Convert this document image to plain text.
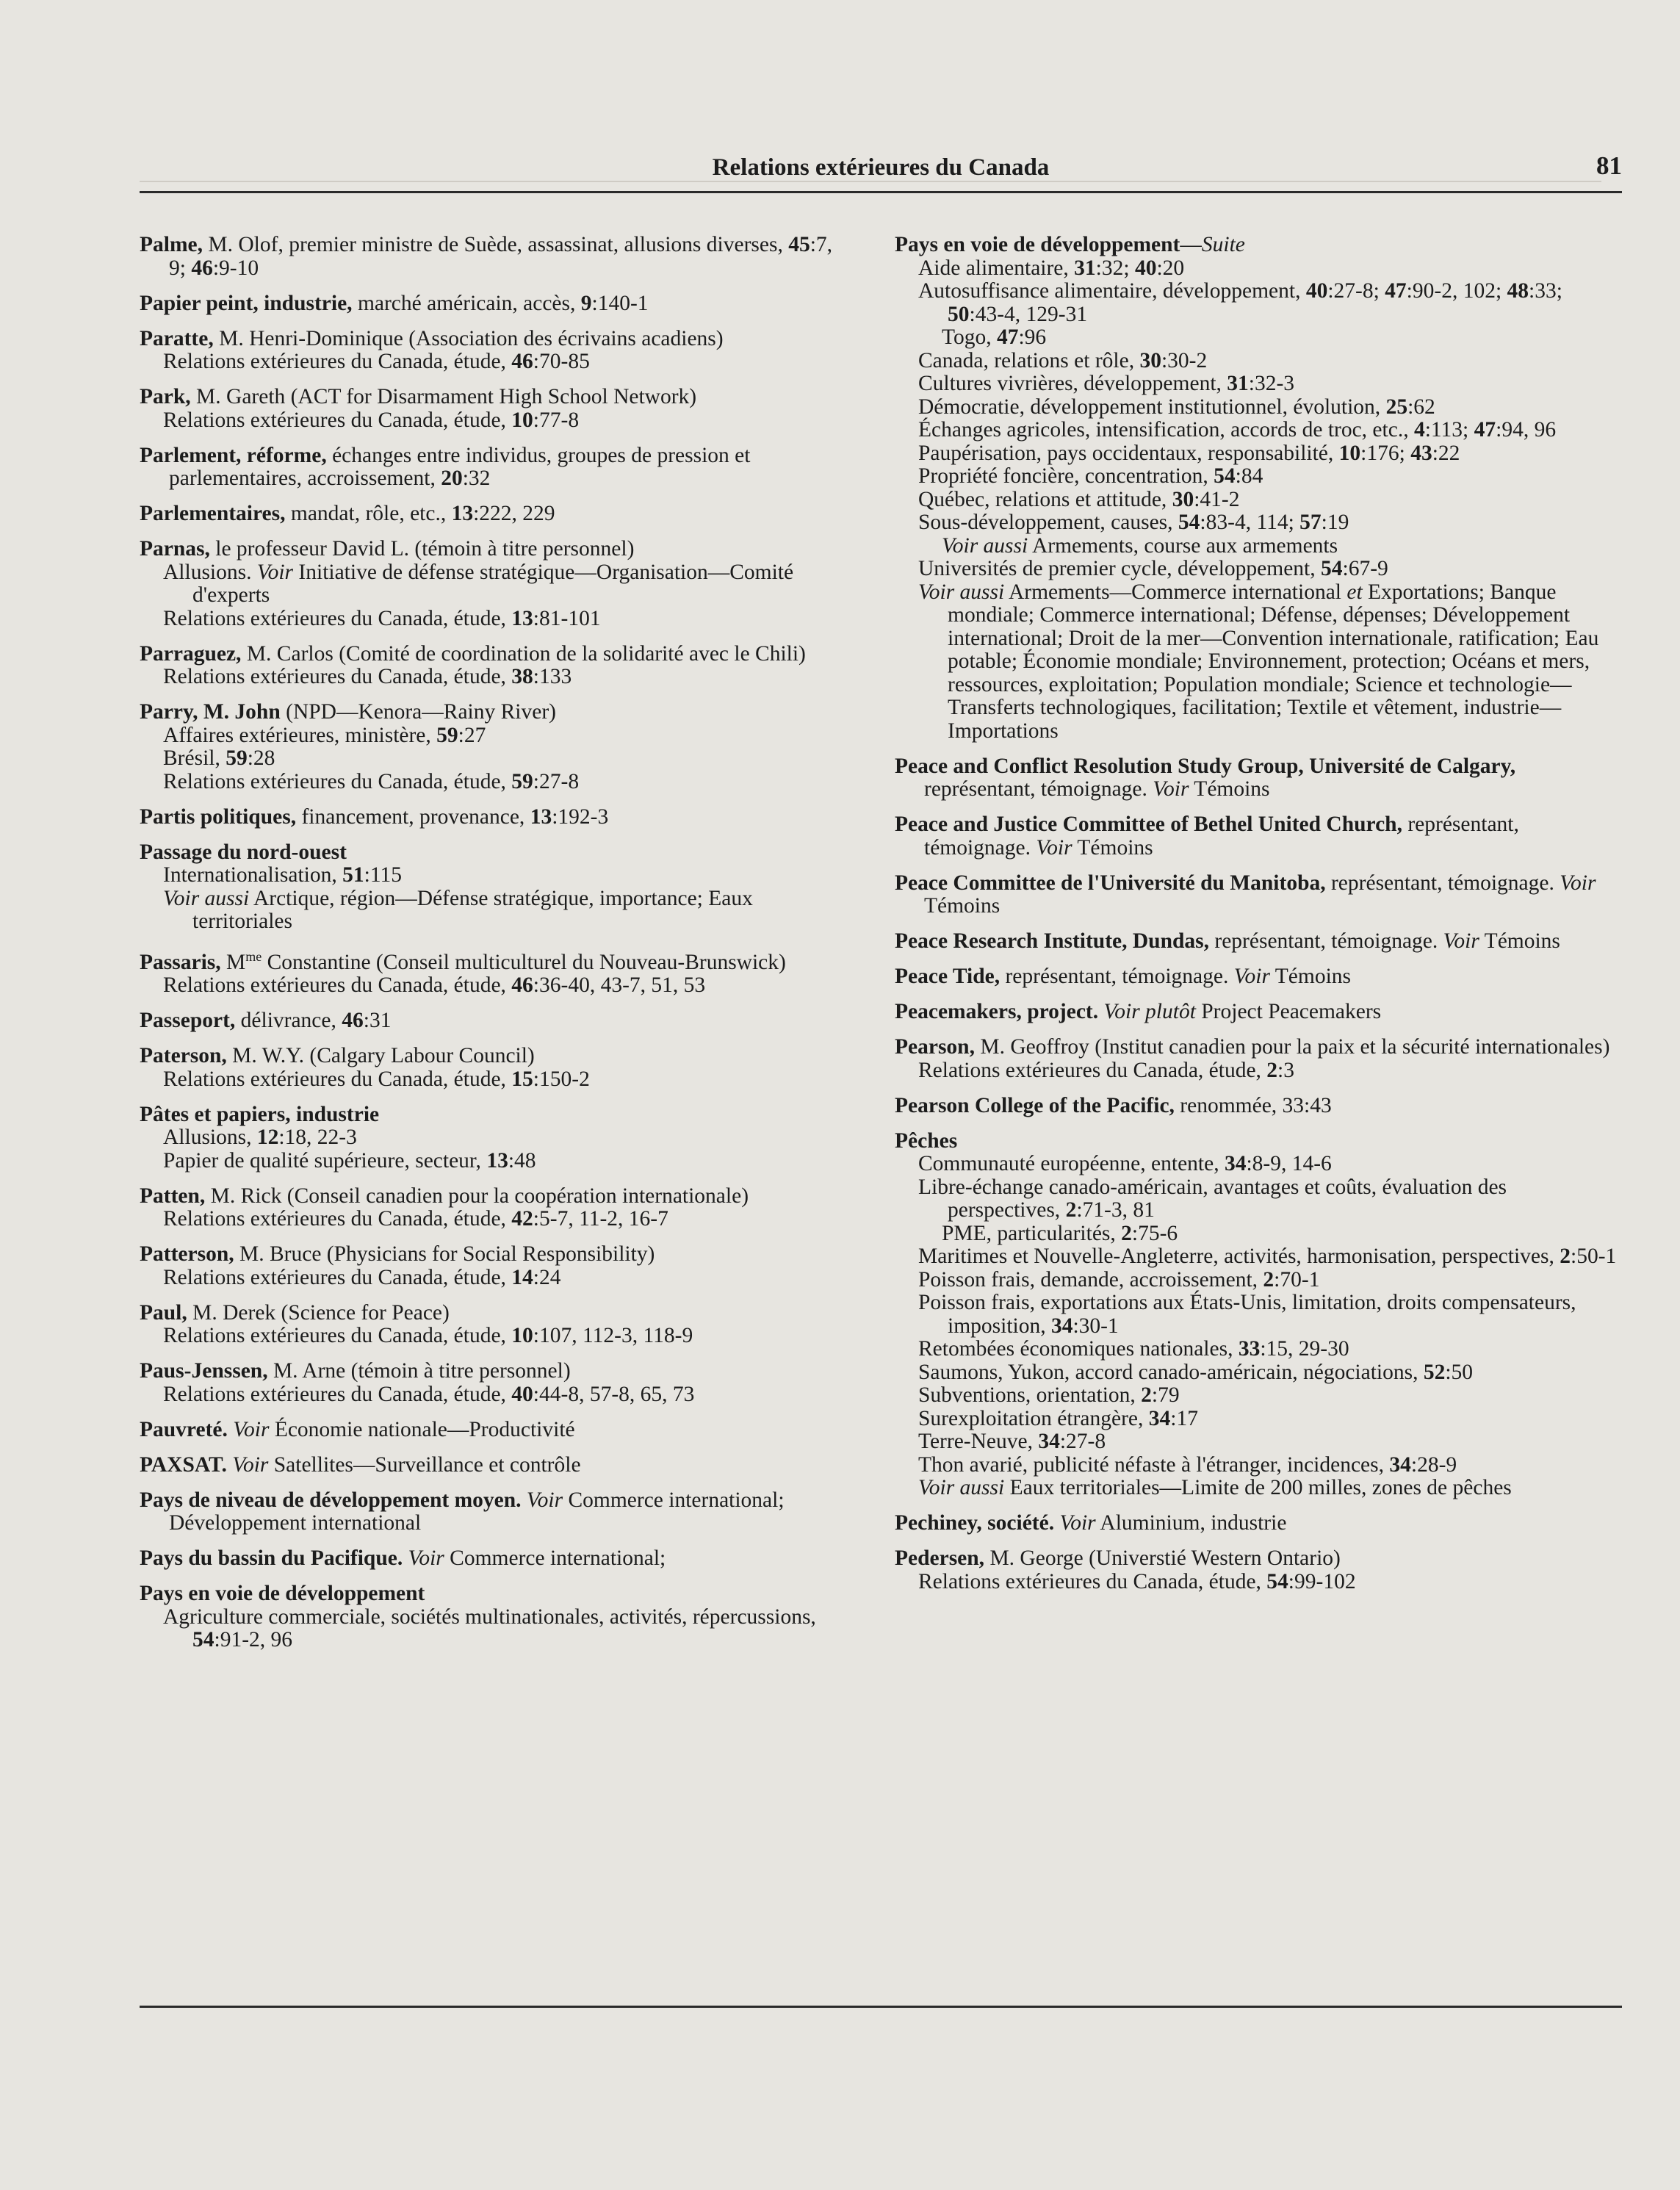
Relations extérieures du Canada	81
Palme, M. Olof, premier ministre de Suède, assassinat, allusions diverses, 45:7, 9; 46:9-10
Papier peint, industrie, marché américain, accès, 9:140-1
Paratte, M. Henri-Dominique (Association des écrivains acadiens)
Relations extérieures du Canada, étude, 46:70-85
Park, M. Gareth (ACT for Disarmament High School Network)
Relations extérieures du Canada, étude, 10:77-8
Parlement, réforme, échanges entre individus, groupes de pression et parlementaires, accroissement, 20:32
Parlementaires, mandat, rôle, etc., 13:222, 229
Parnas, le professeur David L. (témoin à titre personnel)
Allusions. Voir Initiative de défense stratégique—Organisation—Comité d'experts
Relations extérieures du Canada, étude, 13:81-101
Parraguez, M. Carlos (Comité de coordination de la solidarité avec le Chili)
Relations extérieures du Canada, étude, 38:133
Parry, M. John (NPD—Kenora—Rainy River)
Affaires extérieures, ministère, 59:27
Brésil, 59:28
Relations extérieures du Canada, étude, 59:27-8
Partis politiques, financement, provenance, 13:192-3
Passage du nord-ouest
Internationalisation, 51:115
Voir aussi Arctique, région—Défense stratégique, importance; Eaux territoriales
Passaris, $M^{me}$ Constantine (Conseil multiculturel du Nouveau-Brunswick)
Relations extérieures du Canada, étude, 46:36-40, 43-7, 51, 53
Passeport, délivrance, 46:31
Paterson, M. W.Y. (Calgary Labour Council)
Relations extérieures du Canada, étude, 15:150-2
Pâtes et papiers, industrie
Allusions, 12:18, 22-3
Papier de qualité supérieure, secteur, 13:48
Patten, M. Rick (Conseil canadien pour la coopération internationale)
Relations extérieures du Canada, étude, 42:5-7, 11-2, 16-7
Patterson, M. Bruce (Physicians for Social Responsibility)
Relations extérieures du Canada, étude, 14:24
Paul, M. Derek (Science for Peace)
Relations extérieures du Canada, étude, 10:107, 112-3, 118-9
Paus-Jenssen, M. Arne (témoin à titre personnel)
Relations extérieures du Canada, étude, 40:44-8, 57-8, 65, 73
Pauvreté. Voir Économie nationale—Productivité
PAXSAT. Voir Satellites—Surveillance et contrôle
Pays de niveau de développement moyen. Voir Commerce international; Développement international
Pays du bassin du Pacifique. Voir Commerce international;
Pays en voie de développement
Agriculture commerciale, sociétés multinationales, activités, répercussions, 54:91-2, 96
Pays en voie de développement—Suite
Aide alimentaire, 31:32; 40:20
Autosuffisance alimentaire, développement, 40:27-8; 47:90-2, 102; 48:33; 50:43-4, 129-31
Togo, 47:96
Canada, relations et rôle, 30:30-2
Cultures vivrières, développement, 31:32-3
Démocratie, développement institutionnel, évolution, 25:62
Échanges agricoles, intensification, accords de troc, etc., 4:113; 47:94, 96
Paupérisation, pays occidentaux, responsabilité, 10:176; 43:22
Propriété foncière, concentration, 54:84
Québec, relations et attitude, 30:41-2
Sous-développement, causes, 54:83-4, 114; 57:19
Voir aussi Armements, course aux armements
Universités de premier cycle, développement, 54:67-9
Voir aussi Armements—Commerce international et Exportations; Banque mondiale; Commerce international; Défense, dépenses; Développement international; Droit de la mer—Convention internationale, ratification; Eau potable; Économie mondiale; Environnement, protection; Océans et mers, ressources, exploitation; Population mondiale; Science et technologie—Transferts technologiques, facilitation; Textile et vêtement, industrie—Importations
Peace and Conflict Resolution Study Group, Université de Calgary, représentant, témoignage. Voir Témoins
Peace and Justice Committee of Bethel United Church, représentant, témoignage. Voir Témoins
Peace Committee de l'Université du Manitoba, représentant, témoignage. Voir Témoins
Peace Research Institute, Dundas, représentant, témoignage. Voir Témoins
Peace Tide, représentant, témoignage. Voir Témoins
Peacemakers, project. Voir plutôt Project Peacemakers
Pearson, M. Geoffroy (Institut canadien pour la paix et la sécurité internationales)
Relations extérieures du Canada, étude, 2:3
Pearson College of the Pacific, renommée, 33:43
Pêches
Communauté européenne, entente, 34:8-9, 14-6
Libre-échange canado-américain, avantages et coûts, évaluation des perspectives, 2:71-3, 81
PME, particularités, 2:75-6
Maritimes et Nouvelle-Angleterre, activités, harmonisation, perspectives, 2:50-1
Poisson frais, demande, accroissement, 2:70-1
Poisson frais, exportations aux États-Unis, limitation, droits compensateurs, imposition, 34:30-1
Retombées économiques nationales, 33:15, 29-30
Saumons, Yukon, accord canado-américain, négociations, 52:50
Subventions, orientation, 2:79
Surexploitation étrangère, 34:17
Terre-Neuve, 34:27-8
Thon avarié, publicité néfaste à l'étranger, incidences, 34:28-9
Voir aussi Eaux territoriales—Limite de 200 milles, zones de pêches
Pechiney, société. Voir Aluminium, industrie
Pedersen, M. George (Universtié Western Ontario)
Relations extérieures du Canada, étude, 54:99-102
